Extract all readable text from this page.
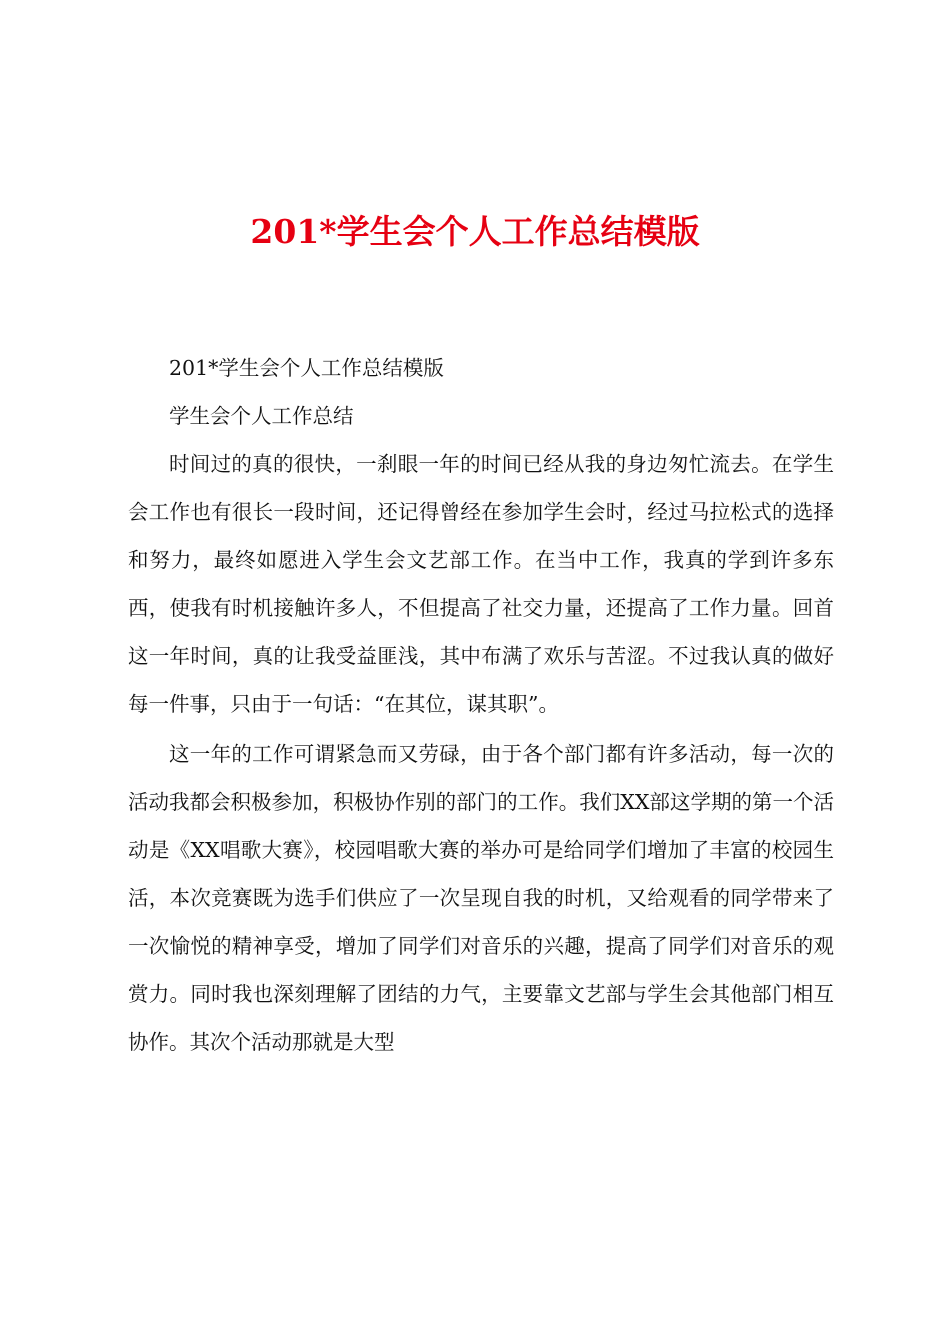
201*学生会个人工作总结模版

201*学生会个人工作总结模版

学生会个人工作总结

时间过的真的很快，一刹眼一年的时间已经从我的身边匆忙流去。在学生会工作也有很长一段时间，还记得曾经在参加学生会时，经过马拉松式的选择和努力，最终如愿进入学生会文艺部工作。在当中工作，我真的学到许多东西，使我有时机接触许多人，不但提高了社交力量，还提高了工作力量。回首这一年时间，真的让我受益匪浅，其中布满了欢乐与苦涩。不过我认真的做好每一件事，只由于一句话：“在其位，谋其职”。

这一年的工作可谓紧急而又劳碌，由于各个部门都有许多活动，每一次的活动我都会积极参加，积极协作别的部门的工作。我们XX部这学期的第一个活动是《XX唱歌大赛》，校园唱歌大赛的举办可是给同学们增加了丰富的校园生活，本次竞赛既为选手们供应了一次呈现自我的时机，又给观看的同学带来了一次愉悦的精神享受，增加了同学们对音乐的兴趣，提高了同学们对音乐的观赏力。同时我也深刻理解了团结的力气，主要靠文艺部与学生会其他部门相互协作。其次个活动那就是大型
